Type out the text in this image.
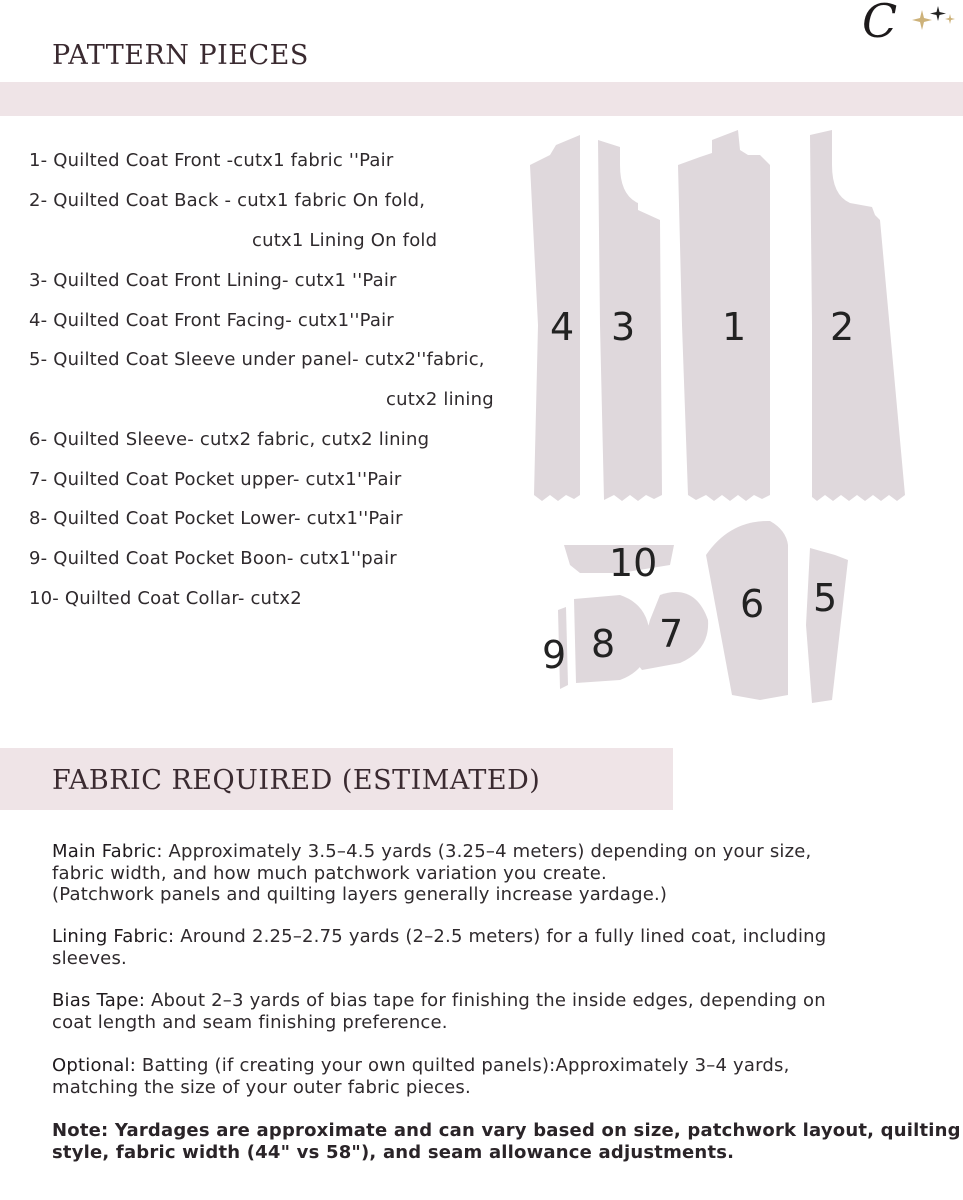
C
PATTERN PIECES
1- Quilted Coat Front -cutx1 fabric ''Pair
2- Quilted Coat Back - cutx1 fabric On fold,
cutx1 Lining On fold
3- Quilted Coat Front Lining- cutx1 ''Pair
4- Quilted Coat Front Facing- cutx1''Pair
5- Quilted Coat Sleeve under panel- cutx2''fabric,
cutx2 lining
6- Quilted Sleeve- cutx2 fabric, cutx2 lining
7- Quilted Coat Pocket upper- cutx1''Pair
8- Quilted Coat Pocket Lower- cutx1''Pair
9- Quilted Coat Pocket Boon- cutx1''pair
10- Quilted Coat Collar- cutx2
4 3 1 2
10
6 5
9 8 7
FABRIC REQUIRED (ESTIMATED)
Main Fabric: Approximately 3.5–4.5 yards (3.25–4 meters) depending on your size,
fabric width, and how much patchwork variation you create.
(Patchwork panels and quilting layers generally increase yardage.)
Lining Fabric: Around 2.25–2.75 yards (2–2.5 meters) for a fully lined coat, including
sleeves.
Bias Tape: About 2–3 yards of bias tape for finishing the inside edges, depending on
coat length and seam finishing preference.
Optional: Batting (if creating your own quilted panels):Approximately 3–4 yards,
matching the size of your outer fabric pieces.
Note: Yardages are approximate and can vary based on size, patchwork layout, quilting
style, fabric width (44" vs 58"), and seam allowance adjustments.
